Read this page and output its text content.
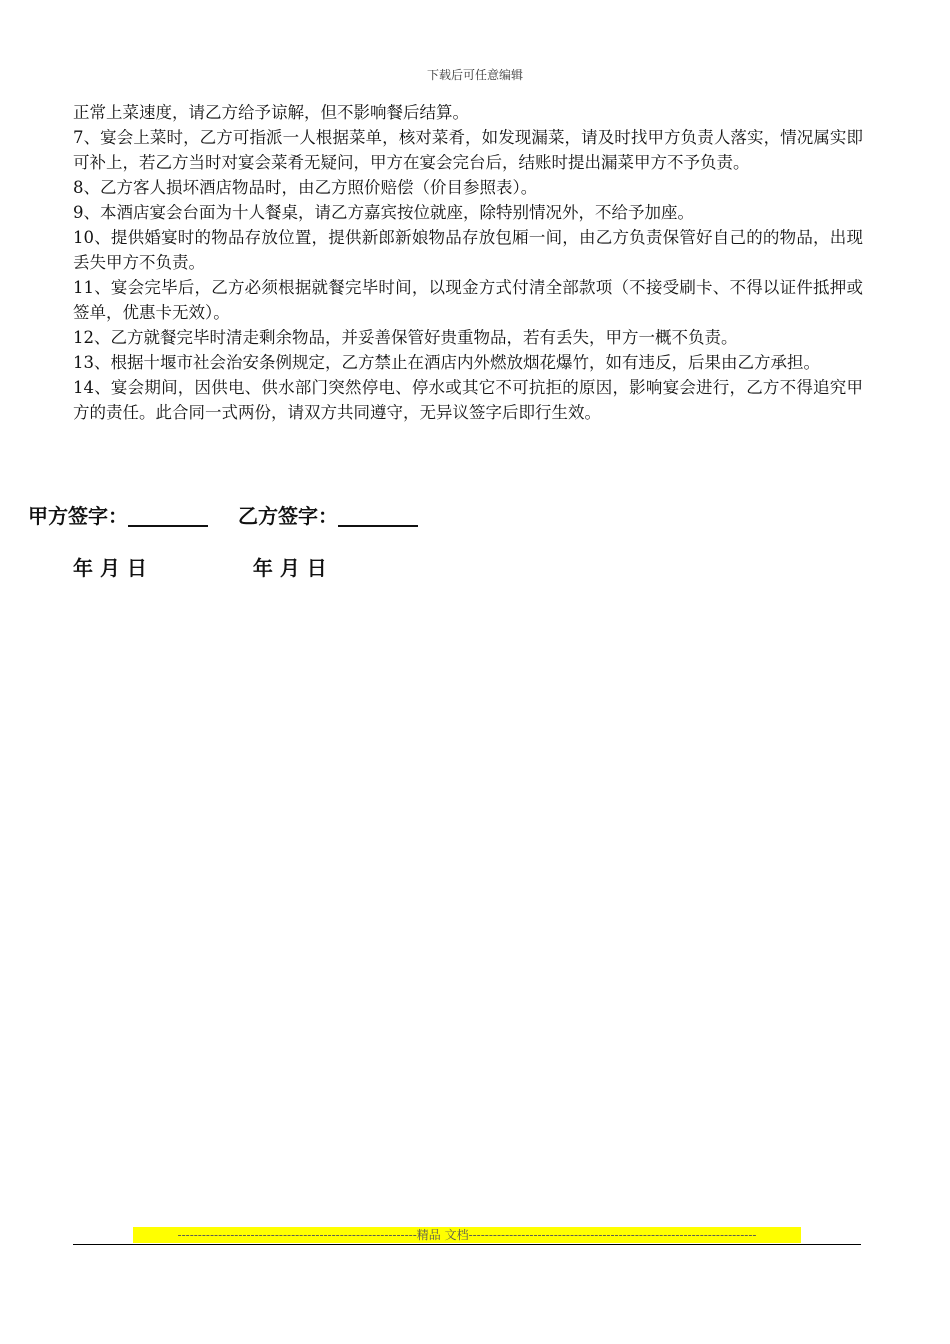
下载后可任意编辑

正常上菜速度，请乙方给予谅解，但不影响餐后结算。

7、宴会上菜时，乙方可指派一人根据菜单，核对菜肴，如发现漏菜，请及时找甲方负责人落实，情况属实即可补上，若乙方当时对宴会菜肴无疑问，甲方在宴会完台后，结账时提出漏菜甲方不予负责。

8、乙方客人损坏酒店物品时，由乙方照价赔偿（价目参照表）。

9、本酒店宴会台面为十人餐桌，请乙方嘉宾按位就座，除特别情况外，不给予加座。

10、提供婚宴时的物品存放位置，提供新郎新娘物品存放包厢一间，由乙方负责保管好自己的的物品，出现丢失甲方不负责。

11、宴会完毕后，乙方必须根据就餐完毕时间，以现金方式付清全部款项（不接受刷卡、不得以证件抵押或签单，优惠卡无效）。

12、乙方就餐完毕时清走剩余物品，并妥善保管好贵重物品，若有丢失，甲方一概不负责。

13、根据十堰市社会治安条例规定，乙方禁止在酒店内外燃放烟花爆竹，如有违反，后果由乙方承担。

14、宴会期间，因供电、供水部门突然停电、停水或其它不可抗拒的原因，影响宴会进行，乙方不得追究甲方的责任。此合同一式两份，请双方共同遵守，无异议签字后即行生效。

甲方签字：	乙方签字：
年 月 日	年 月 日
-----------------------------------------------------------精品 文档-----------------------------------------------------------------------
